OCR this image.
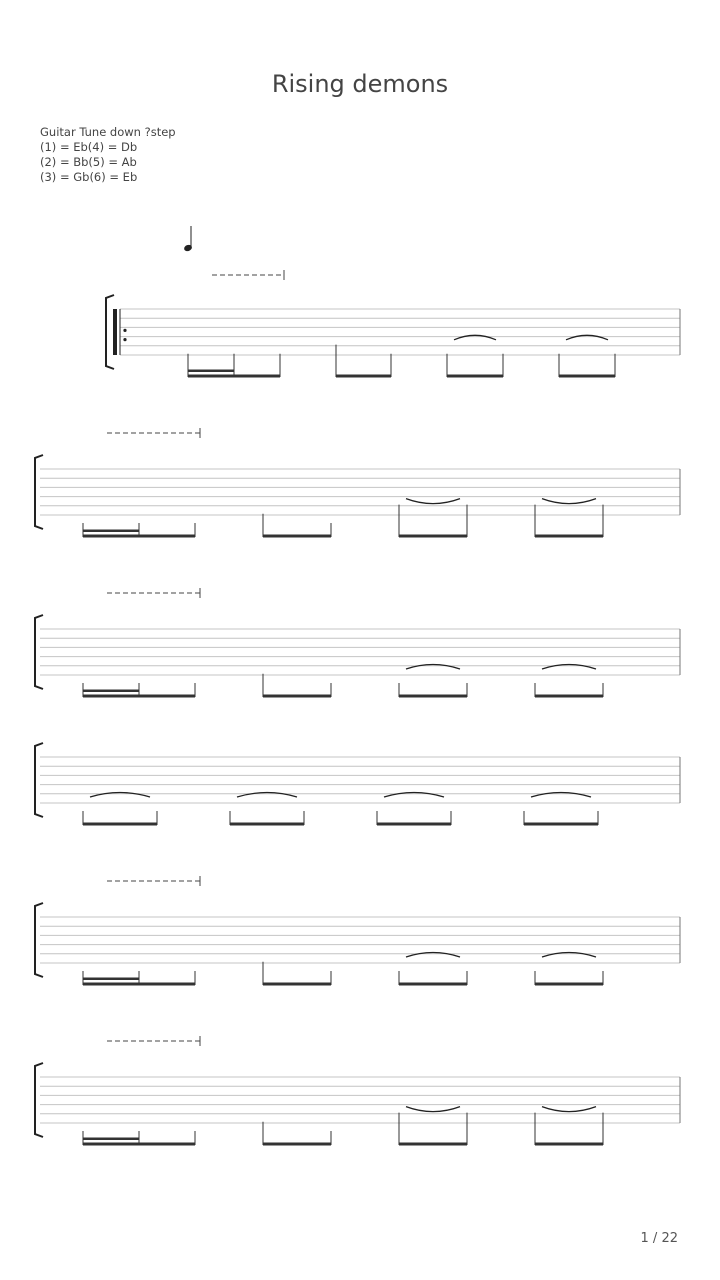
Rising demons
Guitar Tune down ?step
(1) = Eb(4) = Db
(2) = Bb(5) = Ab
(3) = Gb(6) = Eb
1 / 22
